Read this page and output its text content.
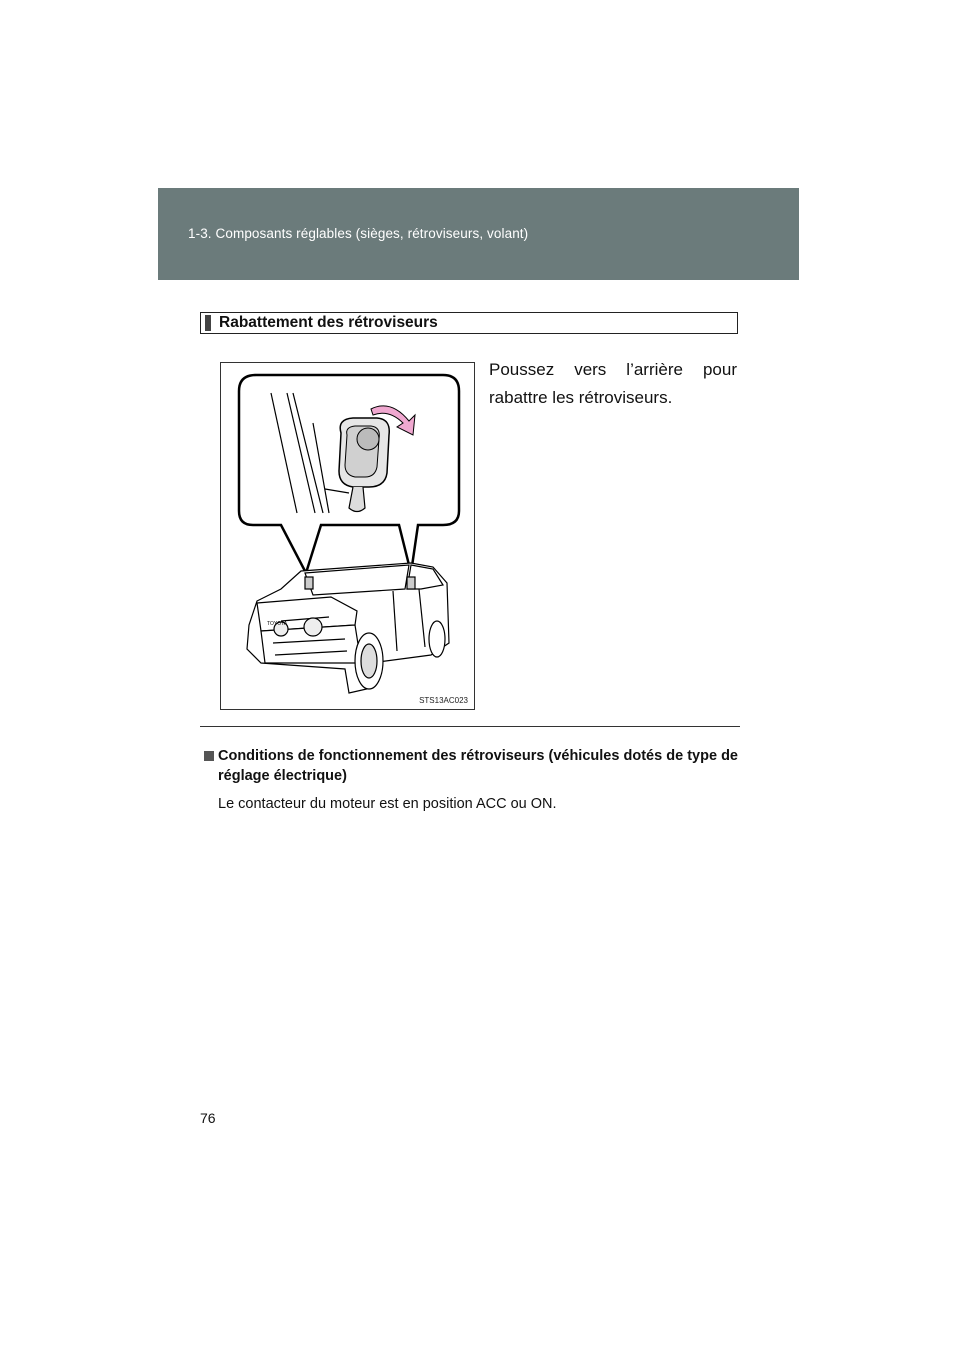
1-3. Composants réglables (sièges, rétroviseurs, volant)
Rabattement des rétroviseurs
TOYOTA
STS13AC023
Poussez vers l’arrière pour rabattre les rétroviseurs.
Conditions de fonctionnement des rétroviseurs (véhicules dotés de type de réglage électrique)
Le contacteur du moteur est en position ACC ou ON.
76
